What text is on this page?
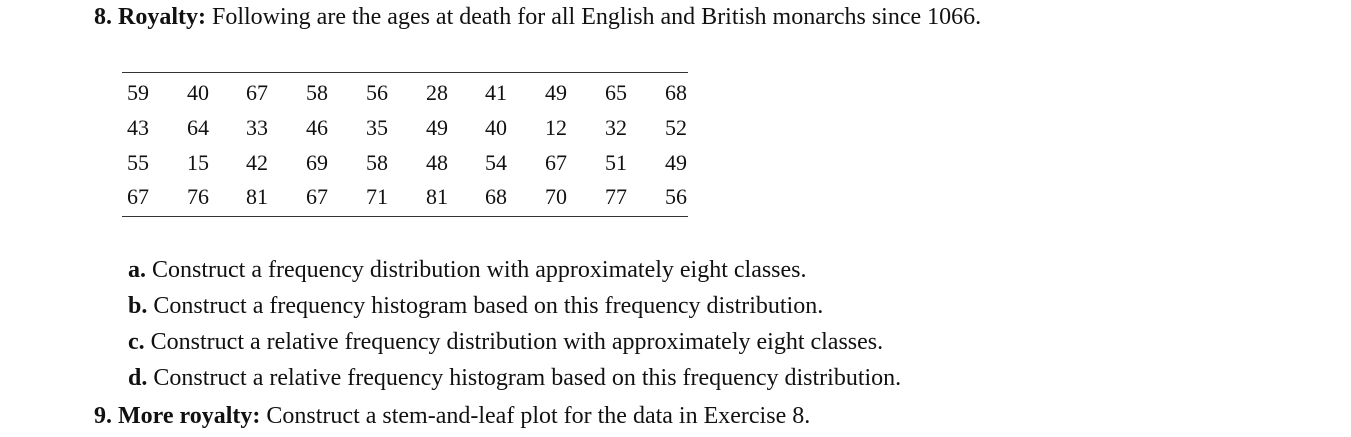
8. Royalty: Following are the ages at death for all English and British monarchs since 1066.
59	40	67	58	56	28	41	49	65	68
43	64	33	46	35	49	40	12	32	52
55	15	42	69	58	48	54	67	51	49
67	76	81	67	71	81	68	70	77	56
a. Construct a frequency distribution with approximately eight classes.
b. Construct a frequency histogram based on this frequency distribution.
c. Construct a relative frequency distribution with approximately eight classes.
d. Construct a relative frequency histogram based on this frequency distribution.
9. More royalty: Construct a stem-and-leaf plot for the data in Exercise 8.
